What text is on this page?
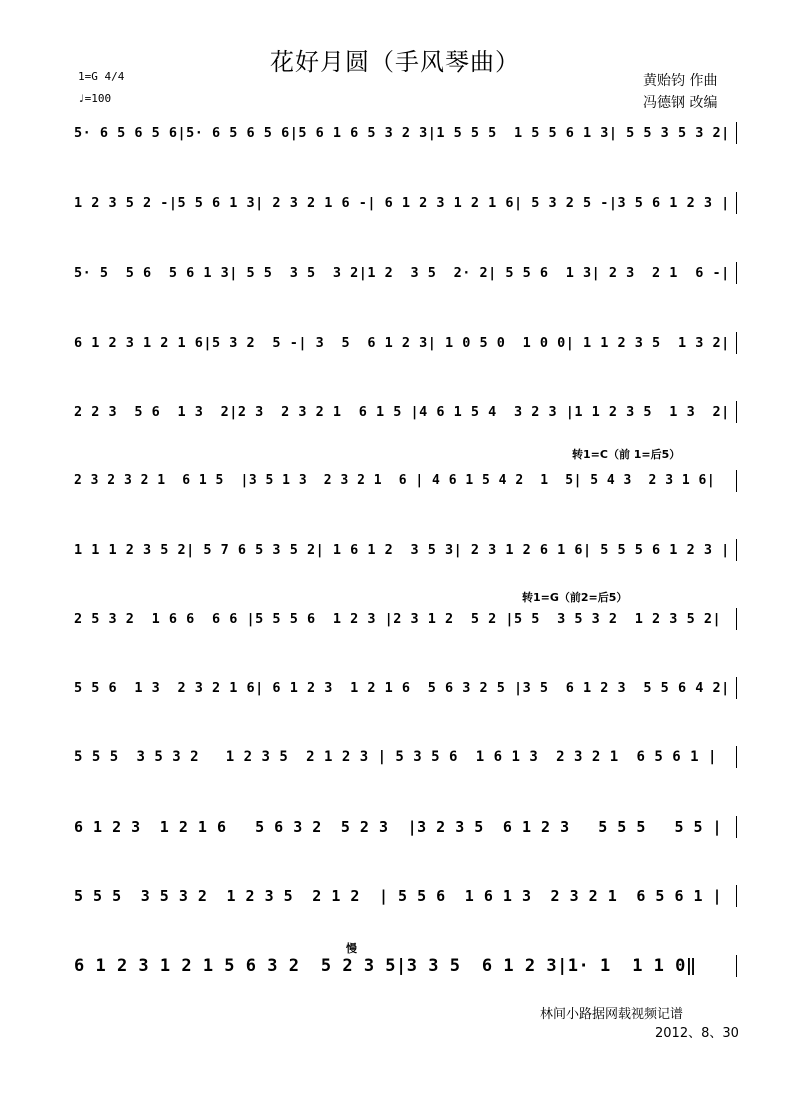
花好月圆（手风琴曲）
1=G 4/4
♩=100
黄贻钧 作曲
冯德钢 改编
5· 6 5 6 5 6|5· 6 5 6 5 6|5 6 1 6 5 3 2 3|1 5 5 5  1 5 5 6 1 3| 5 5 3 5 3 2|
1 2 3 5 2 -|5 5 6 1 3| 2 3 2 1 6 -| 6 1 2 3 1 2 1 6| 5 3 2 5 -|3 5 6 1 2 3 |
5· 5  5 6  5 6 1 3| 5 5  3 5  3 2|1 2  3 5  2· 2| 5 5 6  1 3| 2 3  2 1  6 -|
6 1 2 3 1 2 1 6|5 3 2  5 -| 3  5  6 1 2 3| 1 0 5 0  1 0 0| 1 1 2 3 5  1 3 2|
2 2 3  5 6  1 3  2|2 3  2 3 2 1  6 1 5 |4 6 1 5 4  3 2 3 |1 1 2 3 5  1 3  2|
2 3 2 3 2 1  6 1 5  |3 5 1 3  2 3 2 1  6 | 4 6 1 5 4 2  1  5| 5 4 3  2 3 1 6|
1 1 1 2 3 5 2| 5 7 6 5 3 5 2| 1 6 1 2  3 5 3| 2 3 1 2 6 1 6| 5 5 5 6 1 2 3 |
2 5 3 2  1 6 6  6 6 |5 5 5 6  1 2 3 |2 3 1 2  5 2 |5 5  3 5 3 2  1 2 3 5 2|
5 5 6  1 3  2 3 2 1 6| 6 1 2 3  1 2 1 6  5 6 3 2 5 |3 5  6 1 2 3  5 5 6 4 2|
5 5 5  3 5 3 2   1 2 3 5  2 1 2 3 | 5 3 5 6  1 6 1 3  2 3 2 1  6 5 6 1 |
6 1 2 3  1 2 1 6   5 6 3 2  5 2 3  |3 2 3 5  6 1 2 3   5 5 5   5 5 |
5 5 5  3 5 3 2  1 2 3 5  2 1 2  | 5 5 6  1 6 1 3  2 3 2 1  6 5 6 1 |
6 1 2 3 1 2 1 5 6 3 2  5 2 3 5|3 3 5  6 1 2 3|1· 1  1 1 0‖
转1=C（前 1=后5）
转1=G（前2=后5）
慢
林间小路据网载视频记谱
2012、8、30
